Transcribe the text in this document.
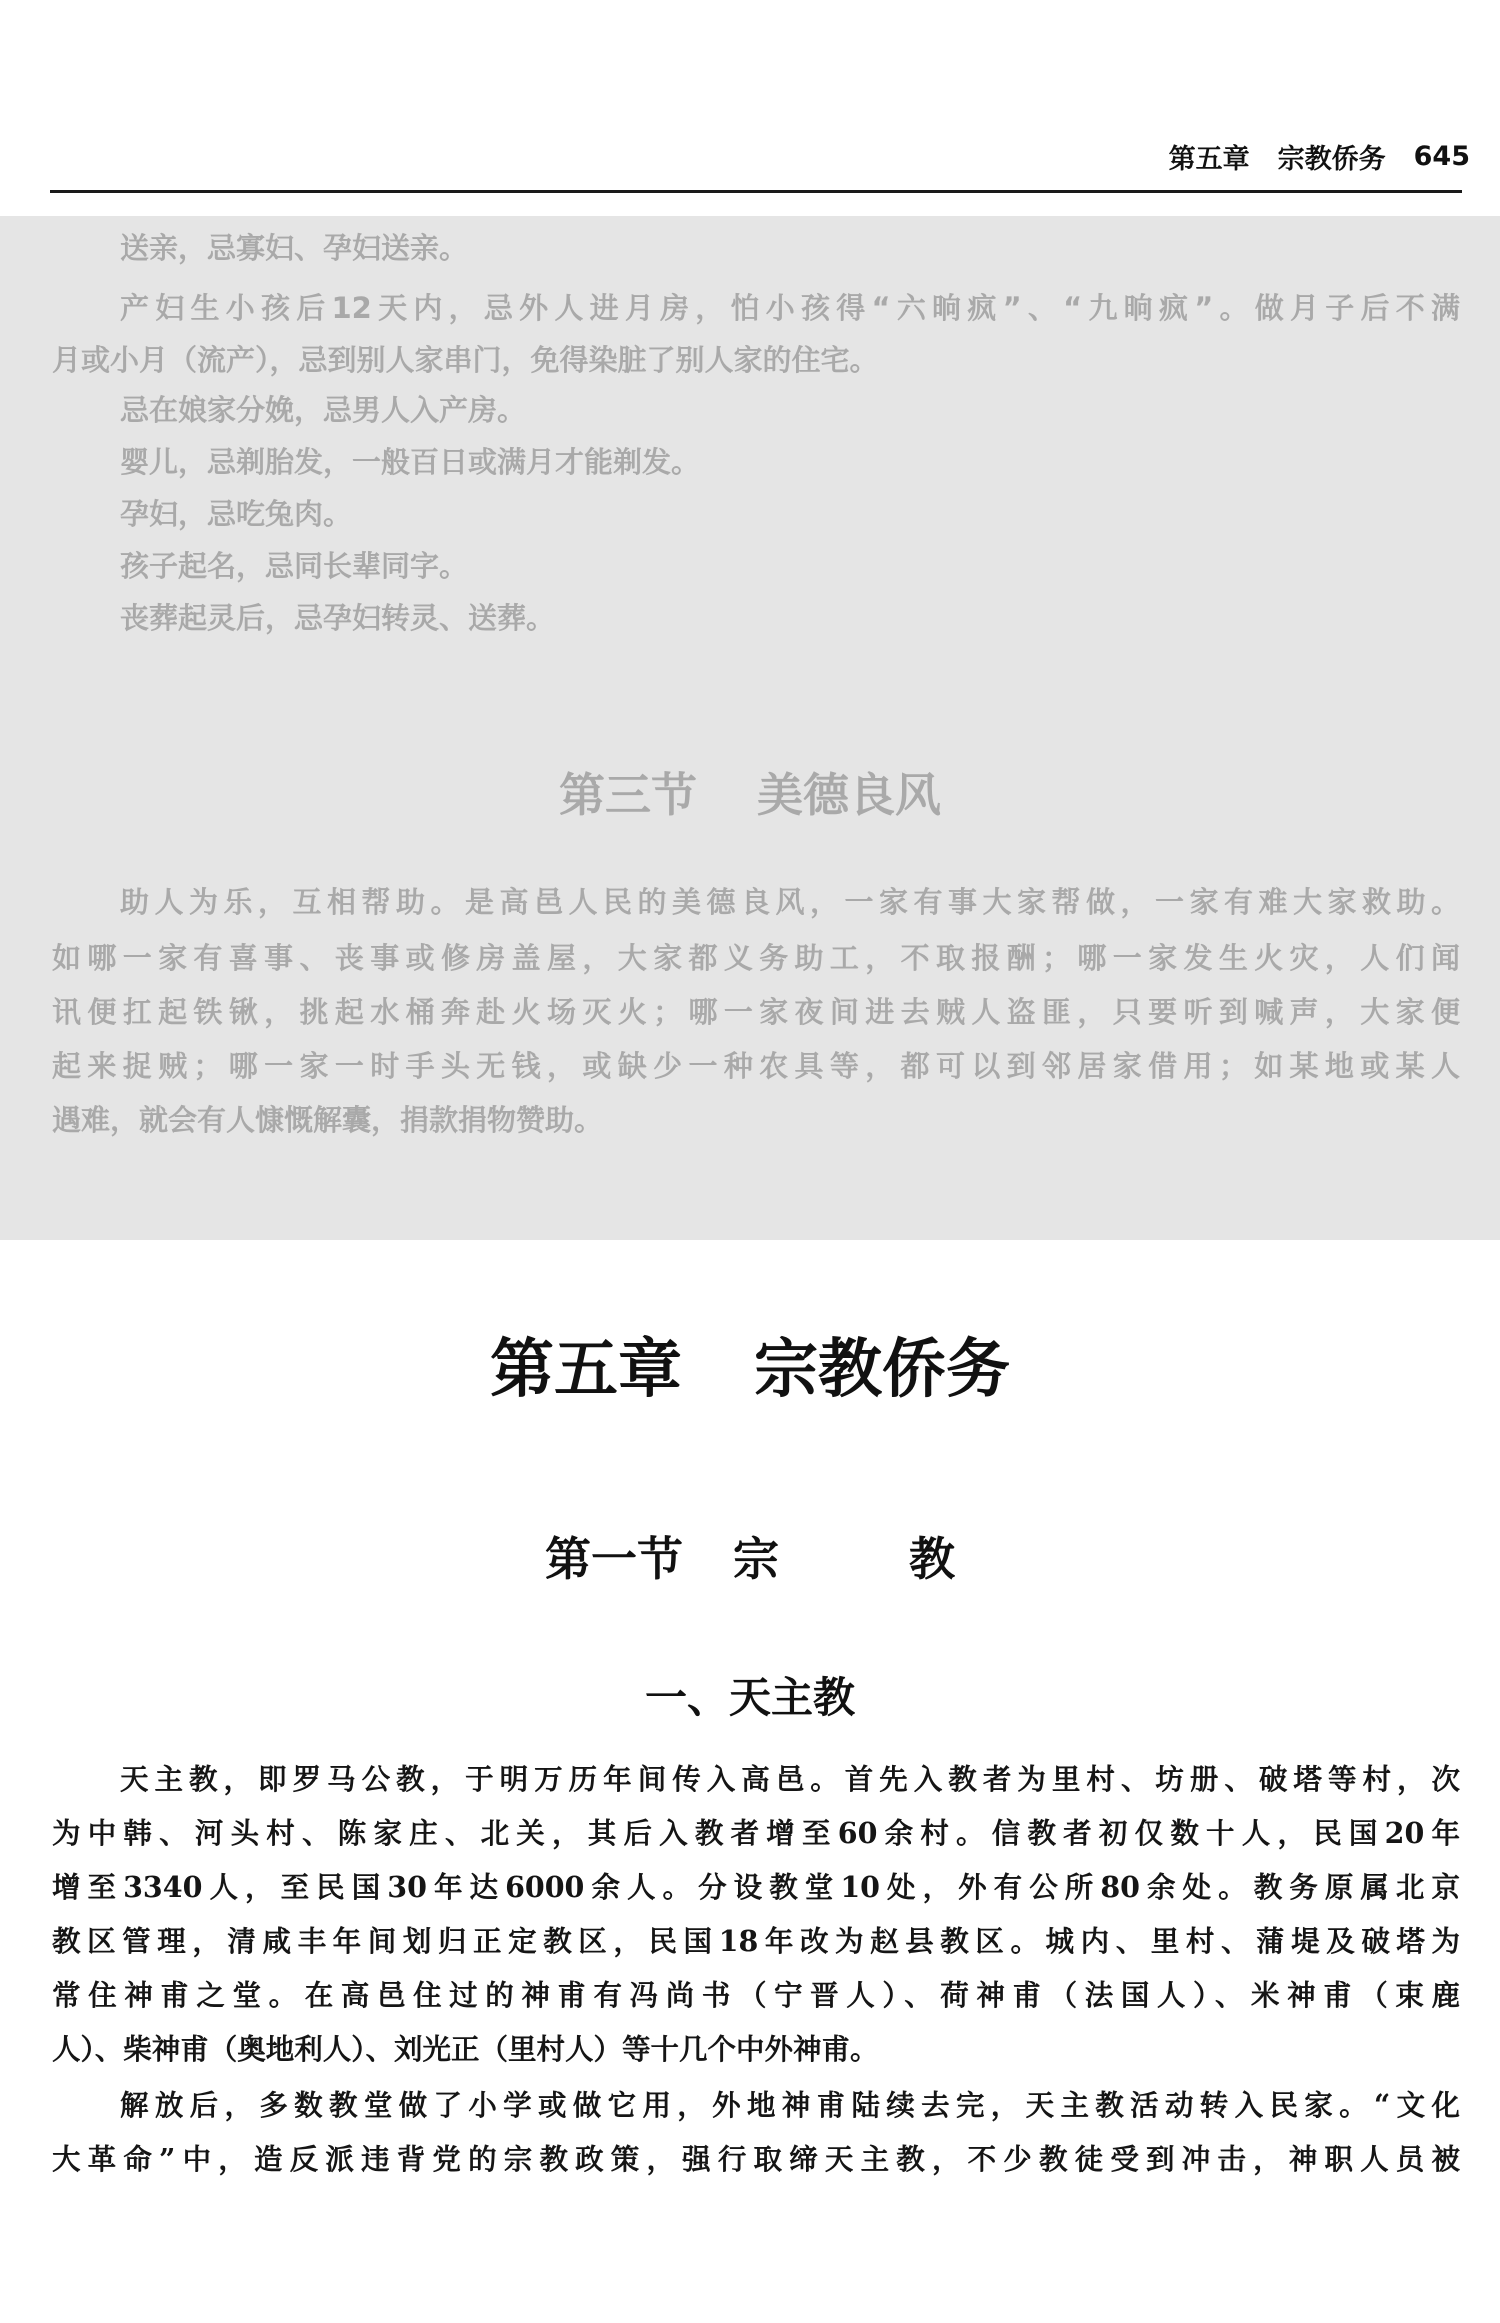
第五章 宗教侨务 645
送亲，忌寡妇、孕妇送亲。
产妇生小孩后12天内，忌外人进月房，怕小孩得“六晌疯”、“九晌疯”。做月子后不满
月或小月（流产），忌到别人家串门，免得染脏了别人家的住宅。
忌在娘家分娩，忌男人入产房。
婴儿，忌剃胎发，一般百日或满月才能剃发。
孕妇，忌吃兔肉。
孩子起名，忌同长辈同字。
丧葬起灵后，忌孕妇转灵、送葬。
第三节 美德良风
助人为乐，互相帮助。是高邑人民的美德良风，一家有事大家帮做，一家有难大家救助。
如哪一家有喜事、丧事或修房盖屋，大家都义务助工，不取报酬；哪一家发生火灾，人们闻
讯便扛起铁锹，挑起水桶奔赴火场灭火；哪一家夜间进去贼人盗匪，只要听到喊声，大家便
起来捉贼；哪一家一时手头无钱，或缺少一种农具等，都可以到邻居家借用；如某地或某人
遇难，就会有人慷慨解囊，捐款捐物赞助。
第五章 宗教侨务
第一节 宗	教
一、天主教
天主教，即罗马公教，于明万历年间传入高邑。首先入教者为里村、坊册、破塔等村，次
为中韩、河头村、陈家庄、北关，其后入教者增至60余村。信教者初仅数十人，民国20年
增至3340人，至民国30年达6000余人。分设教堂10处，外有公所80余处。教务原属北京
教区管理，清咸丰年间划归正定教区，民国18年改为赵县教区。城内、里村、蒲堤及破塔为
常住神甫之堂。在高邑住过的神甫有冯尚书（宁晋人）、荷神甫（法国人）、米神甫（束鹿
人）、柴神甫（奥地利人）、刘光正（里村人）等十几个中外神甫。
解放后，多数教堂做了小学或做它用，外地神甫陆续去完，天主教活动转入民家。“文化
大革命”中，造反派违背党的宗教政策，强行取缔天主教，不少教徒受到冲击，神职人员被
